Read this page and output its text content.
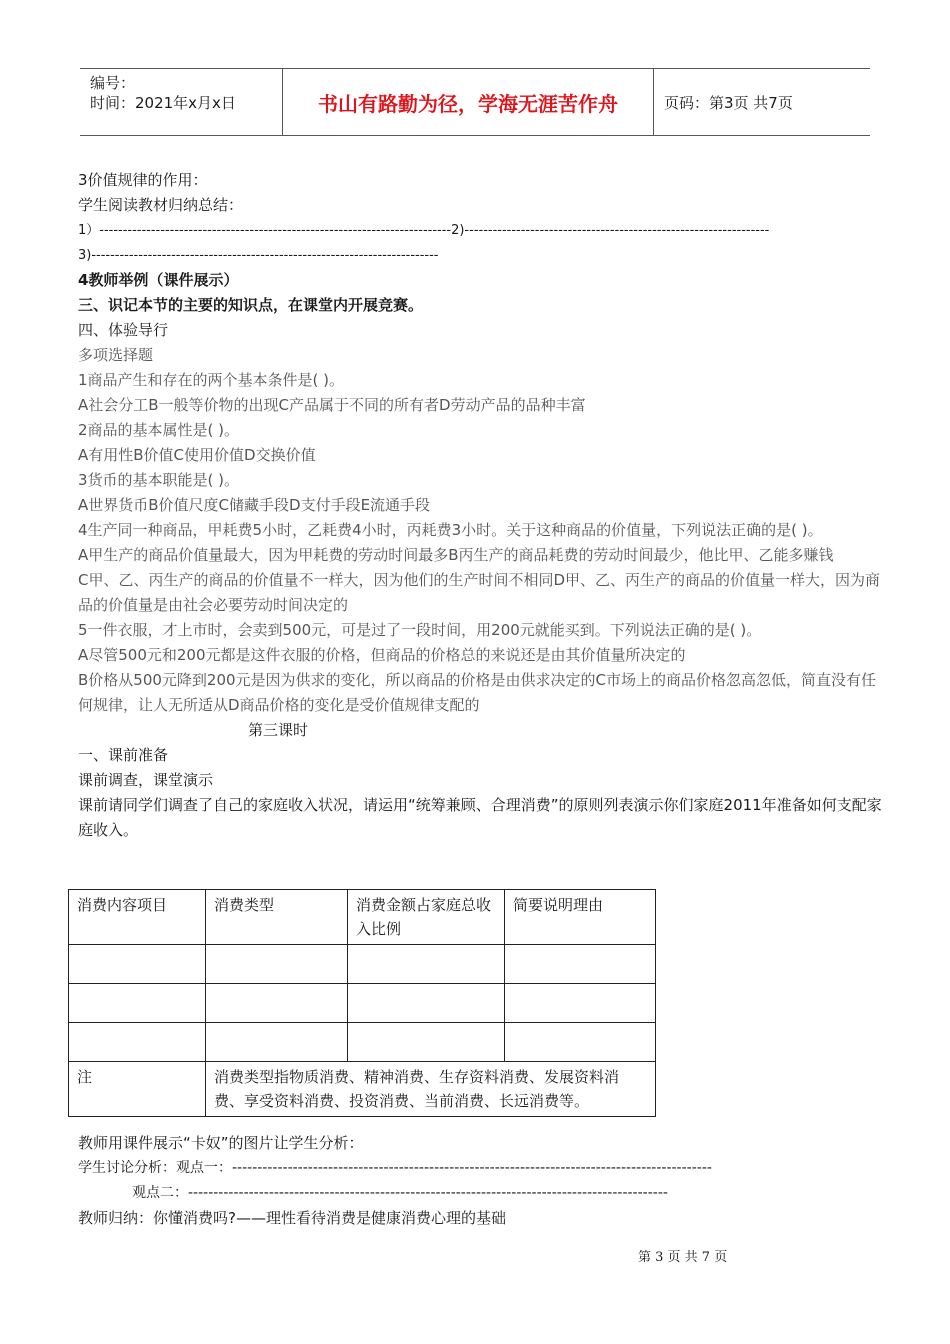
编号：
时间：2021年x月x日	书山有路勤为径，学海无涯苦作舟	页码：第3页 共7页
3价值规律的作用：
学生阅读教材归纳总结：
1）---------------------------------------------------------------------------2)-----------------------------------------------------------------
3)--------------------------------------------------------------------------
4教师举例（课件展示）
三、识记本节的主要的知识点，在课堂内开展竞赛。
四、体验导行
多项选择题
1商品产生和存在的两个基本条件是( )。
A社会分工B一般等价物的出现C产品属于不同的所有者D劳动产品的品种丰富
2商品的基本属性是( )。
A有用性B价值C使用价值D交换价值
3货币的基本职能是( )。
A世界货币B价值尺度C储藏手段D支付手段E流通手段
4生产同一种商品，甲耗费5小时，乙耗费4小时，丙耗费3小时。关于这种商品的价值量，下列说法正确的是( )。
A甲生产的商品价值量最大，因为甲耗费的劳动时间最多B丙生产的商品耗费的劳动时间最少，他比甲、乙能多赚钱
C甲、乙、丙生产的商品的价值量不一样大，因为他们的生产时间不相同D甲、乙、丙生产的商品的价值量一样大，因为商品的价值量是由社会必要劳动时间决定的
5一件衣服，才上市时，会卖到500元，可是过了一段时间，用200元就能买到。下列说法正确的是( )。
A尽管500元和200元都是这件衣服的价格，但商品的价格总的来说还是由其价值量所决定的
B价格从500元降到200元是因为供求的变化，所以商品的价格是由供求决定的C市场上的商品价格忽高忽低，简直没有任何规律，让人无所适从D商品价格的变化是受价值规律支配的
第三课时
一、课前准备
课前调查，课堂演示
课前请同学们调查了自己的家庭收入状况，请运用“统筹兼顾、合理消费”的原则列表演示你们家庭2011年准备如何支配家庭收入。
消费内容项目	消费类型	消费金额占家庭总收入比例	简要说明理由

注	消费类型指物质消费、精神消费、生存资料消费、发展资料消费、享受资料消费、投资消费、当前消费、长远消费等。		
教师用课件展示“卡奴”的图片让学生分析：
学生讨论分析：观点一：-----------------------------------------------------------------------------------------------
观点二：-----------------------------------------------------------------------------------------------
教师归纳：你懂消费吗?——理性看待消费是健康消费心理的基础
第 3 页 共 7 页
